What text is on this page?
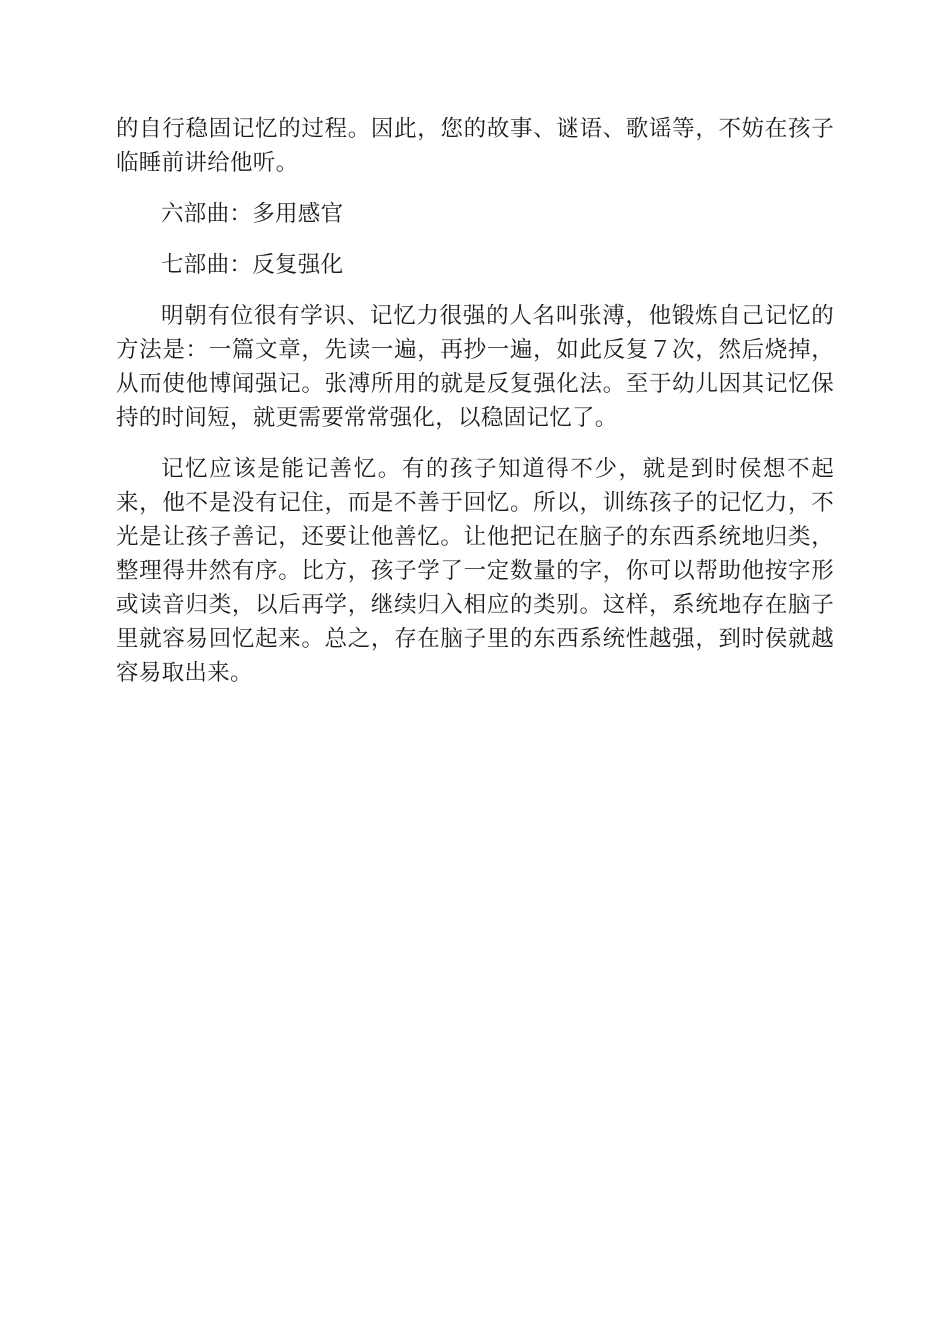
的自行稳固记忆的过程。因此，您的故事、谜语、歌谣等，不妨在孩子临睡前讲给他听。

六部曲：多用感官

七部曲：反复强化

明朝有位很有学识、记忆力很强的人名叫张溥，他锻炼自己记忆的方法是：一篇文章，先读一遍，再抄一遍，如此反复７次，然后烧掉，从而使他博闻强记。张溥所用的就是反复强化法。至于幼儿因其记忆保持的时间短，就更需要常常强化，以稳固记忆了。

记忆应该是能记善忆。有的孩子知道得不少，就是到时侯想不起来，他不是没有记住，而是不善于回忆。所以，训练孩子的记忆力，不光是让孩子善记，还要让他善忆。让他把记在脑子的东西系统地归类，整理得井然有序。比方，孩子学了一定数量的字，你可以帮助他按字形或读音归类，以后再学，继续归入相应的类别。这样，系统地存在脑子里就容易回忆起来。总之，存在脑子里的东西系统性越强，到时侯就越容易取出来。
